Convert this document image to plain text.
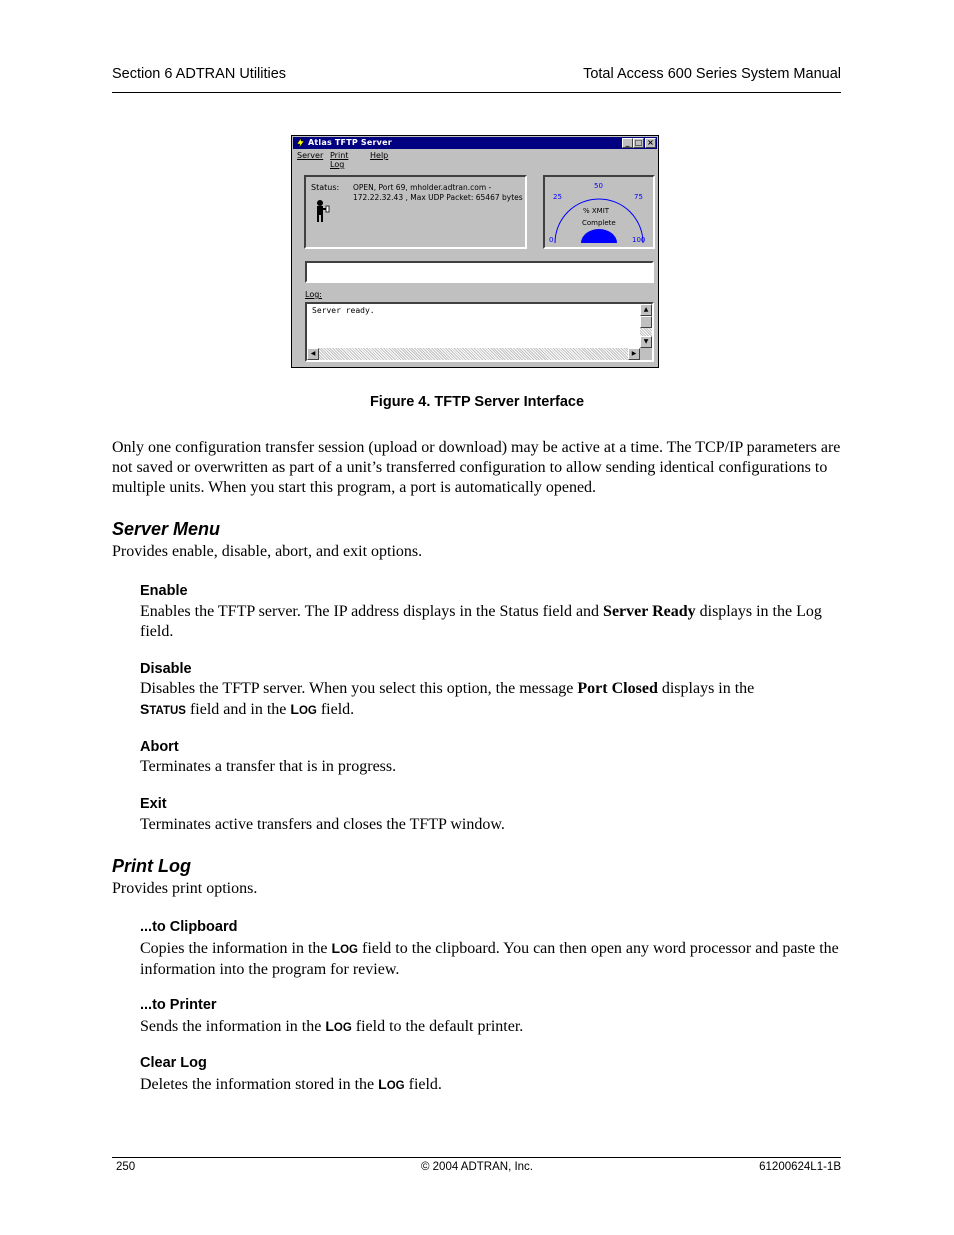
Section 6 ADTRAN Utilities	Total Access 600 Series System Manual
Atlas TFTP Server	_ □ ×
Server Print Log
Help
Status: OPEN, Port 69, mholder.adtran.com - 172.22.32.43 , Max UDP Packet: 65467 bytes
0
25
50
75
100
% XMIT
Complete
Log:
Server ready.	▲
▼
◀	▶
Figure 4. TFTP Server Interface
Only one configuration transfer session (upload or download) may be active at a time. The TCP/IP parameters are not saved or overwritten as part of a unit’s transferred configuration to allow sending identical configurations to multiple units. When you start this program, a port is automatically opened.
Server Menu
Provides enable, disable, abort, and exit options.
Enable
Enables the TFTP server. The IP address displays in the Status field and Server Ready displays in the Log field.
Disable
Disables the TFTP server. When you select this option, the message Port Closed displays in the
STATUS field and in the LOG field.
Abort
Terminates a transfer that is in progress.
Exit
Terminates active transfers and closes the TFTP window.
Print Log
Provides print options.
...to Clipboard
Copies the information in the LOG field to the clipboard. You can then open any word processor and paste the information into the program for review.
...to Printer
Sends the information in the LOG field to the default printer.
Clear Log
Deletes the information stored in the LOG field.
250	© 2004 ADTRAN, Inc.	61200624L1-1B
